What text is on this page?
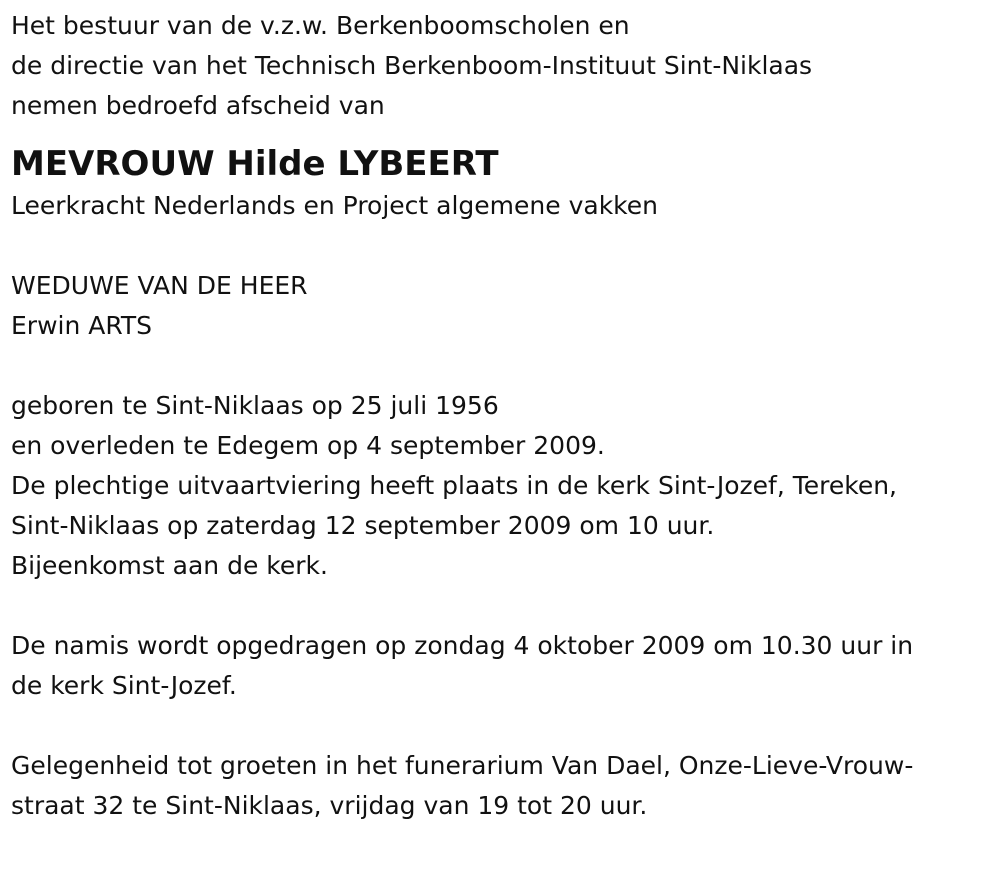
Het bestuur van de v.z.w. Berkenboomscholen en
de directie van het Technisch Berkenboom-Instituut Sint-Niklaas
nemen bedroefd afscheid van
MEVROUW Hilde LYBEERT
Leerkracht Nederlands en Project algemene vakken
WEDUWE VAN DE HEER
Erwin ARTS
geboren te Sint-Niklaas op 25 juli 1956
en overleden te Edegem op 4 september 2009.
De plechtige uitvaartviering heeft plaats in de kerk Sint-Jozef, Tereken,
Sint-Niklaas op zaterdag 12 september 2009 om 10 uur.
Bijeenkomst aan de kerk.
De namis wordt opgedragen op zondag 4 oktober 2009 om 10.30 uur in
de kerk Sint-Jozef.
Gelegenheid tot groeten in het funerarium Van Dael, Onze-Lieve-Vrouw-
straat 32 te Sint-Niklaas, vrijdag van 19 tot 20 uur.
